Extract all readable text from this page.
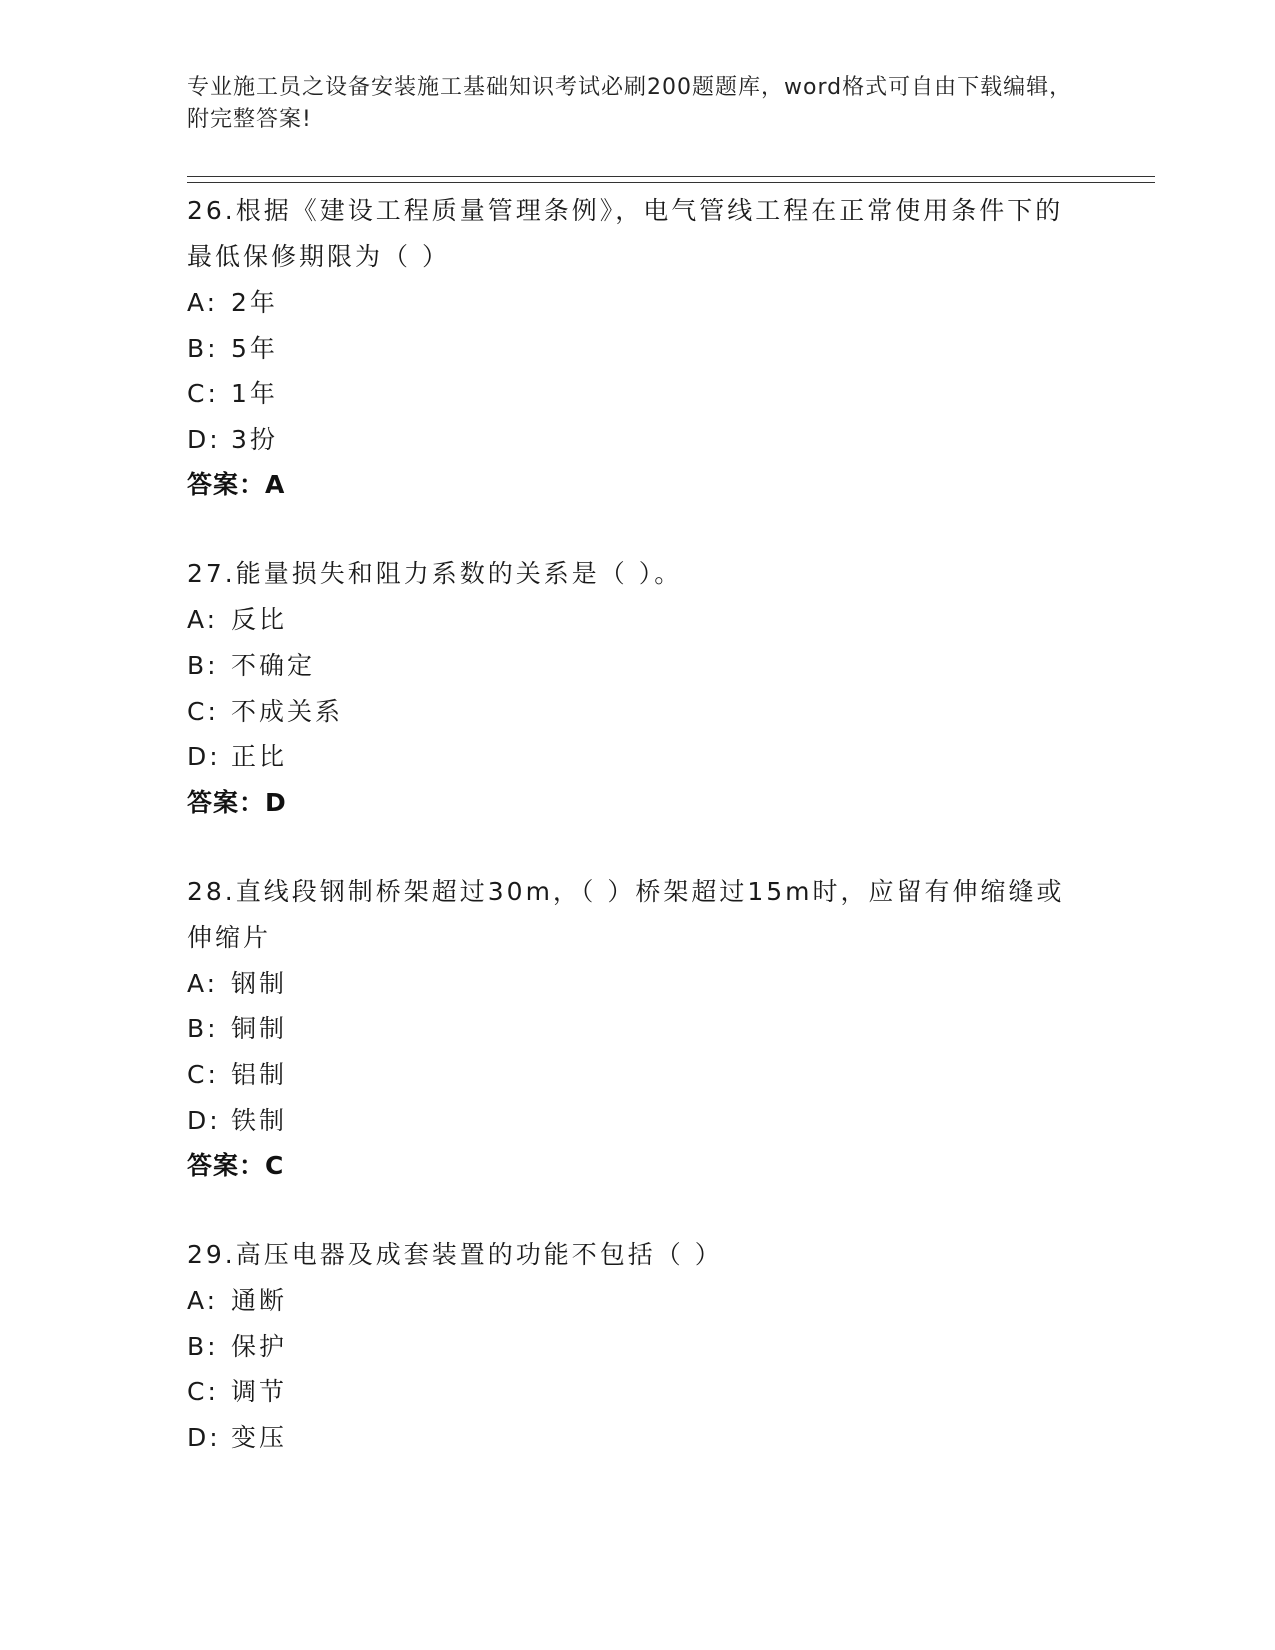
专业施工员之设备安装施工基础知识考试必刷200题题库，word格式可自由下载编辑，附完整答案!

26.根据《建设工程质量管理条例》，电气管线工程在正常使用条件下的最低保修期限为（ ）

A: 2年

B: 5年

C: 1年

D: 3扮

答案：A

27.能量损失和阻力系数的关系是（ ）。

A: 反比

B: 不确定

C: 不成关系

D: 正比

答案：D

28.直线段钢制桥架超过30m，（ ）桥架超过15m时，应留有伸缩缝或伸缩片

A: 钢制

B: 铜制

C: 铝制

D: 铁制

答案：C

29.高压电器及成套装置的功能不包括（ ）

A: 通断

B: 保护

C: 调节

D: 变压
